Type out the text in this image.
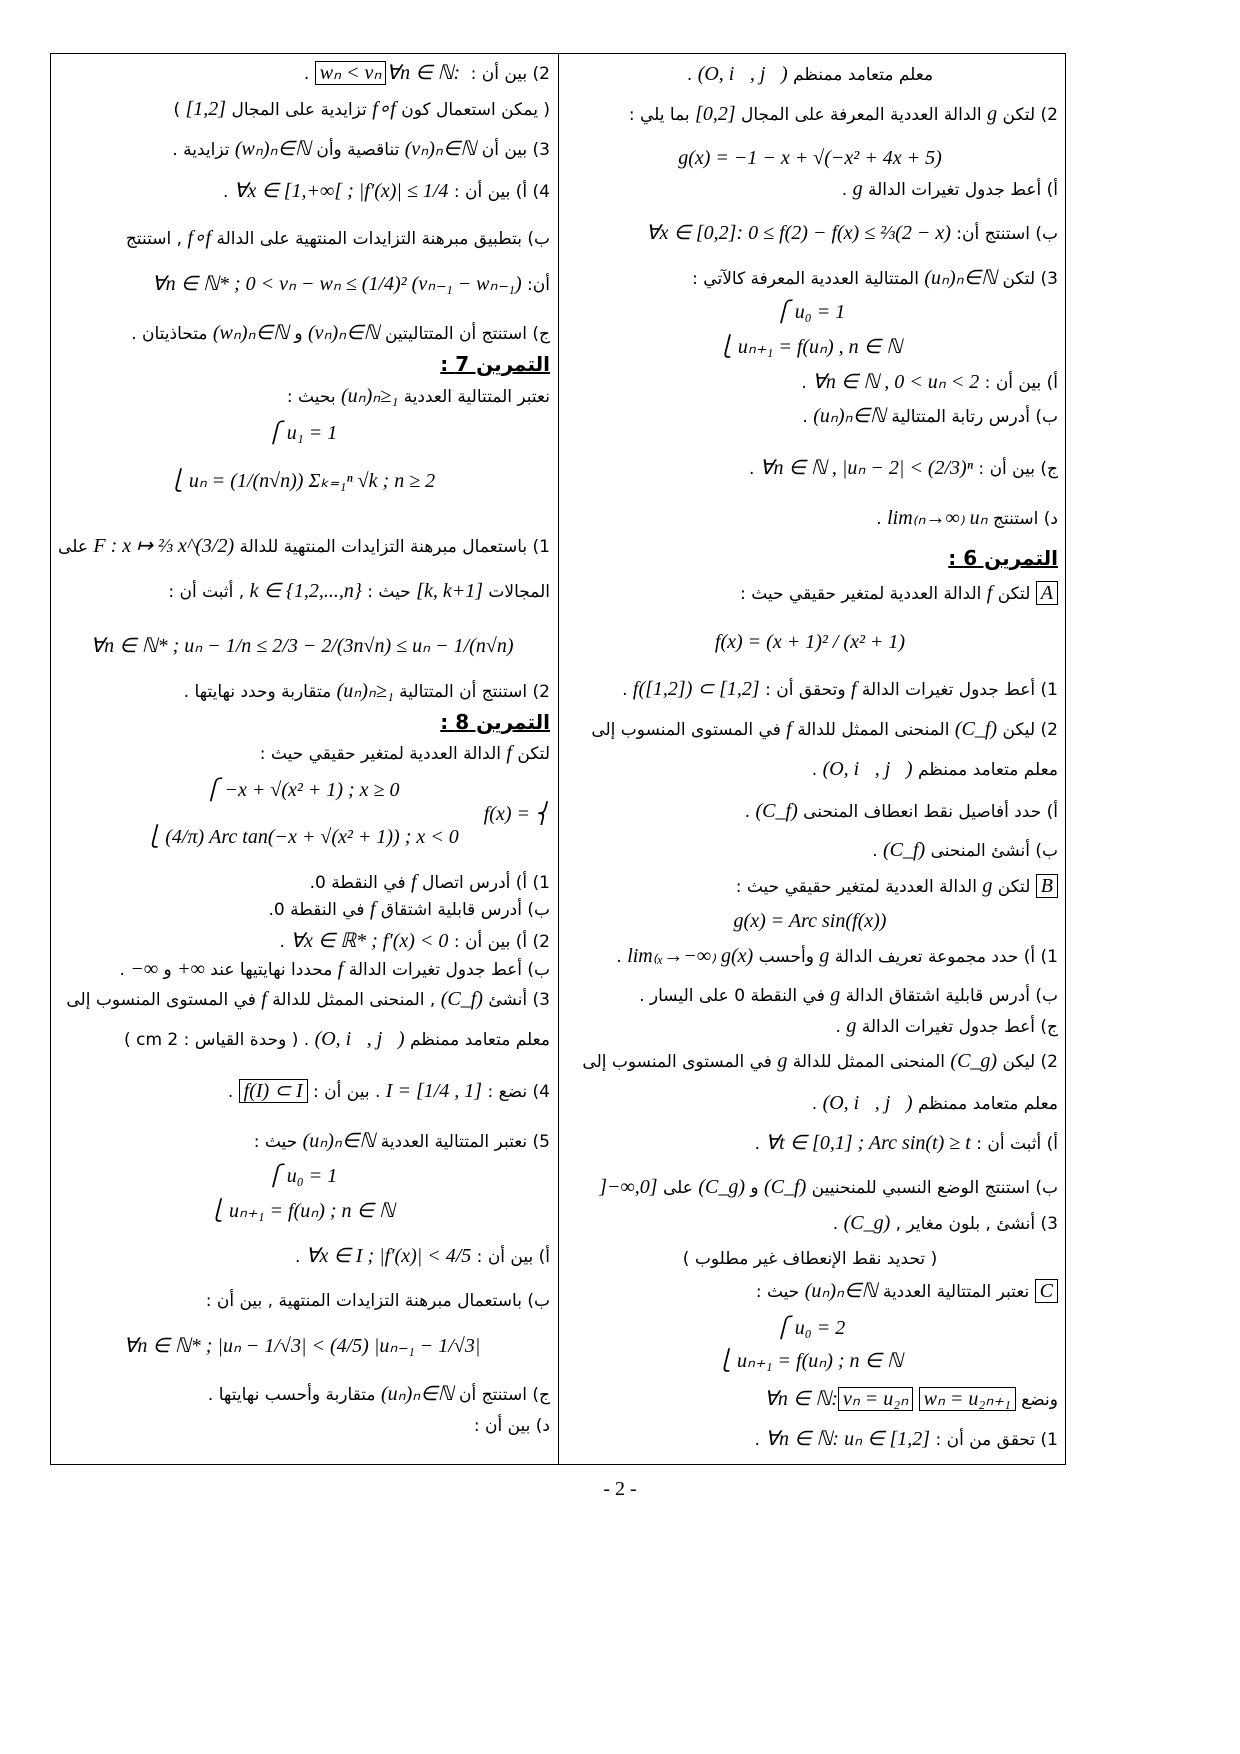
معلم متعامد ممنظم (O, i⃗, j⃗) .
2) لتكن g الدالة العددية المعرفة على المجال [0,2] بما يلي :
g(x) = −1 − x + √(−x² + 4x + 5)
أ) أعط جدول تغيرات الدالة g .
ب) استنتج أن: ∀x ∈ [0,2]: 0 ≤ f(2) − f(x) ≤ ⅔(2 − x)
3) لتكن (uₙ)ₙ∈ℕ المتتالية العددية المعرفة كالآتي :
⎧ u₀ = 1
⎩ uₙ₊₁ = f(uₙ) , n ∈ ℕ
أ) بين أن : ∀n ∈ ℕ , 0 < uₙ < 2 .
ب) أدرس رتابة المتتالية (uₙ)ₙ∈ℕ .
ج) بين أن : ∀n ∈ ℕ , |uₙ − 2| < (2/3)ⁿ .
د) استنتج lim₍ₙ→∞₎ uₙ .
التمرين 6 :
A لتكن f الدالة العددية لمتغير حقيقي حيث :
f(x) = (x + 1)² / (x² + 1)
1) أعط جدول تغيرات الدالة f وتحقق أن : f([1,2]) ⊂ [1,2] .
2) ليكن (C_f) المنحنى الممثل للدالة f في المستوى المنسوب إلى
معلم متعامد ممنظم (O, i⃗, j⃗) .
أ) حدد أفاصيل نقط انعطاف المنحنى (C_f) .
ب) أنشئ المنحنى (C_f) .
B لتكن g الدالة العددية لمتغير حقيقي حيث :
g(x) = Arc sin(f(x))
1) أ) حدد مجموعة تعريف الدالة g وأحسب lim₍ₓ→−∞₎ g(x) .
ب) أدرس قابلية اشتقاق الدالة g في النقطة 0 على اليسار .
ج) أعط جدول تغيرات الدالة g .
2) ليكن (C_g) المنحنى الممثل للدالة g في المستوى المنسوب إلى
معلم متعامد ممنظم (O, i⃗, j⃗) .
أ) أثبت أن : ∀t ∈ [0,1] ; Arc sin(t) ≥ t .
ب) استنتج الوضع النسبي للمنحنيين (C_f) و (C_g) على ]−∞,0]
3) أنشئ , بلون مغاير , (C_g) .
( تحديد نقط الإنعطاف غير مطلوب )
C نعتبر المتتالية العددية (uₙ)ₙ∈ℕ حيث :
⎧ u₀ = 2
⎩ uₙ₊₁ = f(uₙ) ; n ∈ ℕ
ونضع wₙ = u₂ₙ₊₁ vₙ = u₂ₙ ∀n ∈ ℕ:
1) تحقق من أن : ∀n ∈ ℕ: uₙ ∈ [1,2] .
2) بين أن : ∀n ∈ ℕ: wₙ < vₙ .
( يمكن استعمال كون f∘f تزايدية على المجال [1,2] )
3) بين أن (vₙ)ₙ∈ℕ تناقصية وأن (wₙ)ₙ∈ℕ تزايدية .
4) أ) بين أن : ∀x ∈ [1,+∞[ ; |f′(x)| ≤ 1/4 .
ب) بتطبيق مبرهنة التزايدات المنتهية على الدالة f∘f , استنتج
أن: ∀n ∈ ℕ* ; 0 < vₙ − wₙ ≤ (1/4)² (vₙ₋₁ − wₙ₋₁)
ج) استنتج أن المتتاليتين (vₙ)ₙ∈ℕ و (wₙ)ₙ∈ℕ متحاذيتان .
التمرين 7 :
نعتبر المتتالية العددية (uₙ)ₙ≥₁ بحيث :
⎧ u₁ = 1
⎩ uₙ = (1/(n√n)) Σₖ₌₁ⁿ √k ; n ≥ 2
1) باستعمال مبرهنة التزايدات المنتهية للدالة F : x ↦ ⅔ x^(3/2) على
المجالات [k, k+1] حيث : k ∈ {1,2,...,n} , أثبت أن :
∀n ∈ ℕ* ; uₙ − 1/n ≤ 2/3 − 2/(3n√n) ≤ uₙ − 1/(n√n)
2) استنتج أن المتتالية (uₙ)ₙ≥₁ متقاربة وحدد نهايتها .
التمرين 8 :
لتكن f الدالة العددية لمتغير حقيقي حيث :
⎧ −x + √(x² + 1) ; x ≥ 0
f(x) = ⎨
⎩ (4/π) Arc tan(−x + √(x² + 1)) ; x < 0
1) أ) أدرس اتصال f في النقطة 0.
ب) أدرس قابلية اشتقاق f في النقطة 0.
2) أ) بين أن : ∀x ∈ ℝ* ; f′(x) < 0 .
ب) أعط جدول تغيرات الدالة f محددا نهايتيها عند +∞ و −∞ .
3) أنشئ (C_f) , المنحنى الممثل للدالة f في المستوى المنسوب إلى
معلم متعامد ممنظم (O, i⃗, j⃗) . ( وحدة القياس : 2 cm )
4) نضع : I = [1/4 , 1] . بين أن : f(I) ⊂ I .
5) نعتبر المتتالية العددية (uₙ)ₙ∈ℕ حيث :
⎧ u₀ = 1
⎩ uₙ₊₁ = f(uₙ) ; n ∈ ℕ
أ) بين أن : ∀x ∈ I ; |f′(x)| < 4/5 .
ب) باستعمال مبرهنة التزايدات المنتهية , بين أن :
∀n ∈ ℕ* ; |uₙ − 1/√3| < (4/5) |uₙ₋₁ − 1/√3|
ج) استنتج أن (uₙ)ₙ∈ℕ متقاربة وأحسب نهايتها .
د) بين أن :
- 2 -
